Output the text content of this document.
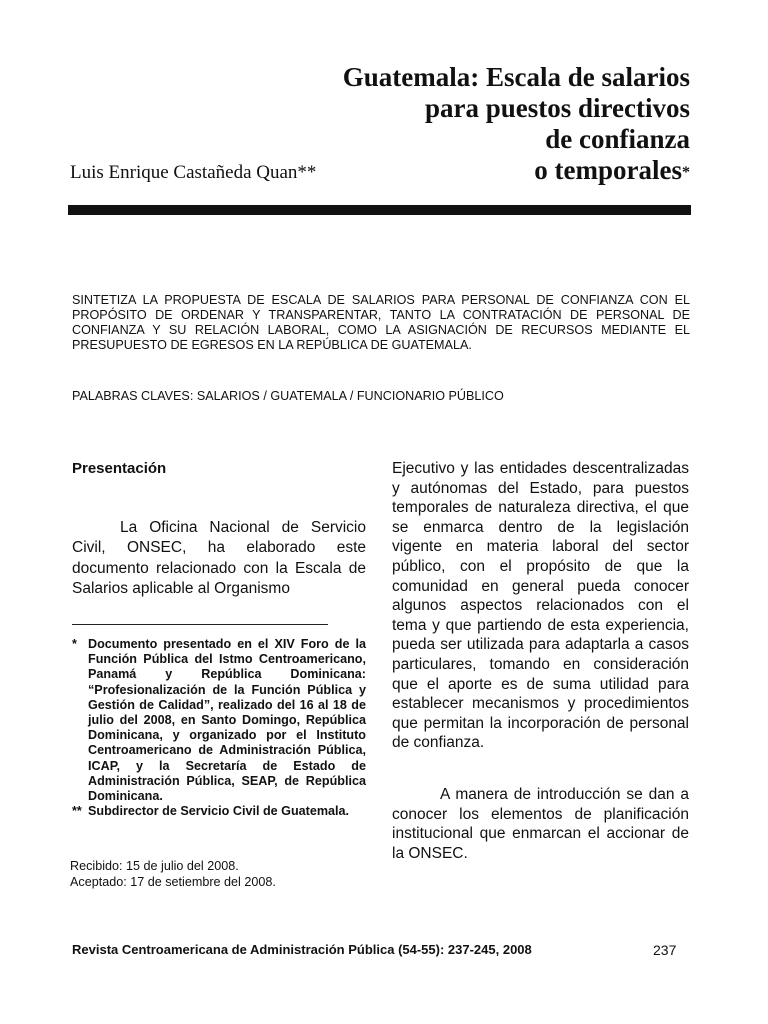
Guatemala: Escala de salarios
para puestos directivos
de confianza
o temporales*
Luis Enrique Castañeda Quan**

SINTETIZA LA PROPUESTA DE ESCALA DE SALARIOS PARA PERSONAL DE CONFIANZA CON EL PROPÓSITO DE ORDENAR Y TRANSPARENTAR, TANTO LA CONTRATACIÓN DE PERSONAL DE CONFIANZA Y SU RELACIÓN LABORAL, COMO LA ASIGNACIÓN DE RECURSOS MEDIANTE EL PRESUPUESTO DE EGRESOS EN LA REPÚBLICA DE GUATEMALA.

PALABRAS CLAVES: SALARIOS / GUATEMALA / FUNCIONARIO PÚBLICO
Presentación

La Oficina Nacional de Servicio Civil, ONSEC, ha elaborado este documento relacionado con la Escala de Salarios aplicable al Organismo

* Documento presentado en el XIV Foro de la Función Pública del Istmo Centroamericano, Panamá y República Dominicana: “Profesionalización de la Función Pública y Gestión de Calidad”, realizado del 16 al 18 de julio del 2008, en Santo Domingo, República Dominicana, y organizado por el Instituto Centroamericano de Administración Pública, ICAP, y la Secretaría de Estado de Administración Pública, SEAP, de República Dominicana.
** Subdirector de Servicio Civil de Guatemala.
Recibido: 15 de julio del 2008.
Aceptado: 17 de setiembre del 2008.

Ejecutivo y las entidades descentralizadas y autónomas del Estado, para puestos temporales de naturaleza directiva, el que se enmarca dentro de la legislación vigente en materia laboral del sector público, con el propósito de que la comunidad en general pueda conocer algunos aspectos relacionados con el tema y que partiendo de esta experiencia, pueda ser utilizada para adaptarla a casos particulares, tomando en consideración que el aporte es de suma utilidad para establecer mecanismos y procedimientos que permitan la incorporación de personal de confianza.

A manera de introducción se dan a conocer los elementos de planificación institucional que enmarcan el accionar de la ONSEC.

Revista Centroamericana de Administración Pública (54-55): 237-245, 2008	237
